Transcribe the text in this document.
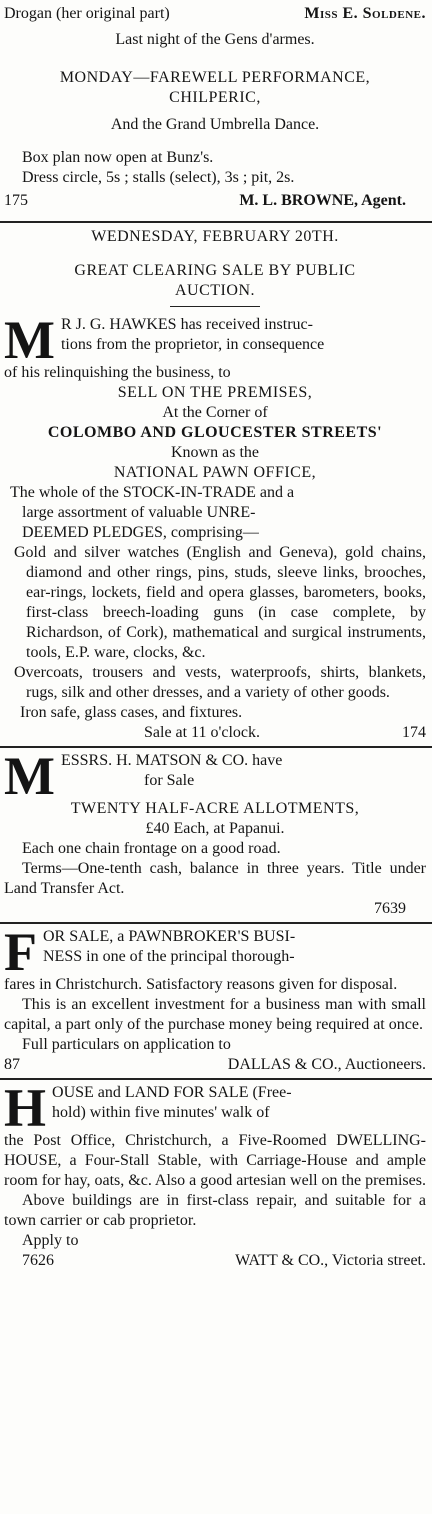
Drogan (her original part)	Miss E. Soldene.
Last night of the Gens d'armes.
MONDAY—FAREWELL PERFORMANCE,
CHILPERIC,
And the Grand Umbrella Dance.
Box plan now open at Bunz's.
Dress circle, 5s ; stalls (select), 3s ; pit, 2s.
175	M. L. BROWNE, Agent.
WEDNESDAY, FEBRUARY 20TH.
GREAT CLEARING SALE BY PUBLIC
AUCTION.
M R J. G. HAWKES has received instruc-
tions from the proprietor, in consequence
of his relinquishing the business, to
SELL ON THE PREMISES,
At the Corner of
COLOMBO AND GLOUCESTER STREETS'
Known as the
NATIONAL PAWN OFFICE,
The whole of the STOCK-IN-TRADE and a
large assortment of valuable UNRE-
DEEMED PLEDGES, comprising—
Gold and silver watches (English and Geneva), gold chains, diamond and other rings, pins, studs, sleeve links, brooches, ear-rings, lockets, field and opera glasses, barometers, books, first-class breech-loading guns (in case complete, by Richardson, of Cork), mathematical and surgical instruments, tools, E.P. ware, clocks, &c.
Overcoats, trousers and vests, waterproofs, shirts, blankets, rugs, silk and other dresses, and a variety of other goods.
Iron safe, glass cases, and fixtures.
Sale at 11 o'clock.	174
M ESSRS. H. MATSON & CO. have
for Sale
TWENTY HALF-ACRE ALLOTMENTS,
£40 Each, at Papanui.
Each one chain frontage on a good road.
Terms—One-tenth cash, balance in three years. Title under Land Transfer Act.
7639
F OR SALE, a PAWNBROKER'S BUSI-
NESS in one of the principal thorough-
fares in Christchurch. Satisfactory reasons given for disposal.
This is an excellent investment for a business man with small capital, a part only of the purchase money being required at once.
Full particulars on application to
87	DALLAS & CO., Auctioneers.
H OUSE and LAND FOR SALE (Free-
hold) within five minutes' walk of
the Post Office, Christchurch, a Five-Roomed DWELLING-HOUSE, a Four-Stall Stable, with Carriage-House and ample room for hay, oats, &c. Also a good artesian well on the premises.
Above buildings are in first-class repair, and suitable for a town carrier or cab proprietor.
Apply to
7626	WATT & CO., Victoria street.
